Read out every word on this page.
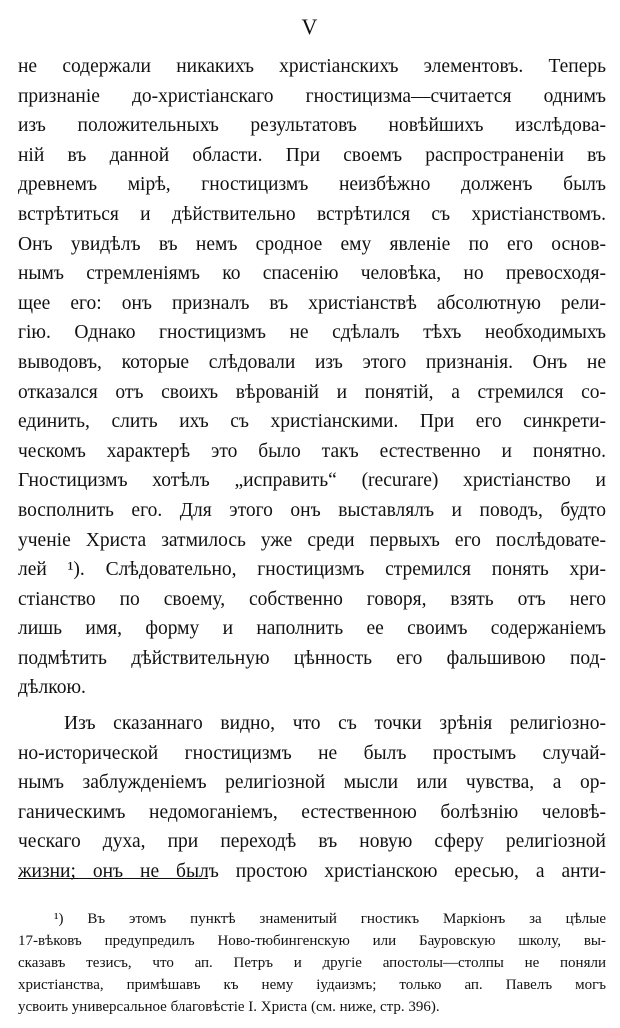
V
не содержали никакихъ христіанскихъ элементовъ. Теперь
признаніе до-христіанскаго гностицизма—считается однимъ
изъ положительныхъ результатовъ новѣйшихъ изслѣдова-
ній въ данной области. При своемъ распространеніи въ
древнемъ мірѣ, гностицизмъ неизбѣжно долженъ былъ
встрѣтиться и дѣйствительно встрѣтился съ христіанствомъ.
Онъ увидѣлъ въ немъ сродное ему явленіе по его основ-
нымъ стремленіямъ ко спасенію человѣка, но превосходя-
щее его: онъ призналъ въ христіанствѣ абсолютную рели-
гію. Однако гностицизмъ не сдѣлалъ тѣхъ необходимыхъ
выводовъ, которые слѣдовали изъ этого признанія. Онъ не
отказался отъ своихъ вѣрованій и понятій, а стремился со-
единить, слить ихъ съ христіанскими. При его синкрети-
ческомъ характерѣ это было такъ естественно и понятно.
Гностицизмъ хотѣлъ „исправить“ (recurare) христіанство и
восполнить его. Для этого онъ выставлялъ и поводъ, будто
ученіе Христа затмилось уже среди первыхъ его послѣдовате-
лей ¹). Слѣдовательно, гностицизмъ стремился понять хри-
стіанство по своему, собственно говоря, взять отъ него
лишь имя, форму и наполнить ее своимъ содержаніемъ
подмѣтить дѣйствительную цѣнность его фальшивою под-
дѣлкою.
Изъ сказаннаго видно, что съ точки зрѣнія религіозно-
но-исторической гностицизмъ не былъ простымъ случай-
нымъ заблужденіемъ религіозной мысли или чувства, а ор-
ганическимъ недомоганіемъ, естественною болѣзнію человѣ-
ческаго духа, при переходѣ въ новую сферу религіозной
жизни; онъ не былъ простою христіанскою ересью, а анти-
¹) Въ этомъ пунктѣ знаменитый гностикъ Маркіонъ за цѣлые
17-вѣковъ предупредилъ Ново-тюбингенскую или Бауровскую школу, вы-
сказавъ тезисъ, что ап. Петръ и другіе апостолы—столпы не поняли
христіанства, примѣшавъ къ нему іудаизмъ; только ап. Павелъ могъ
усвоить универсальное благовѣстіе І. Христа (см. ниже, стр. 396).
